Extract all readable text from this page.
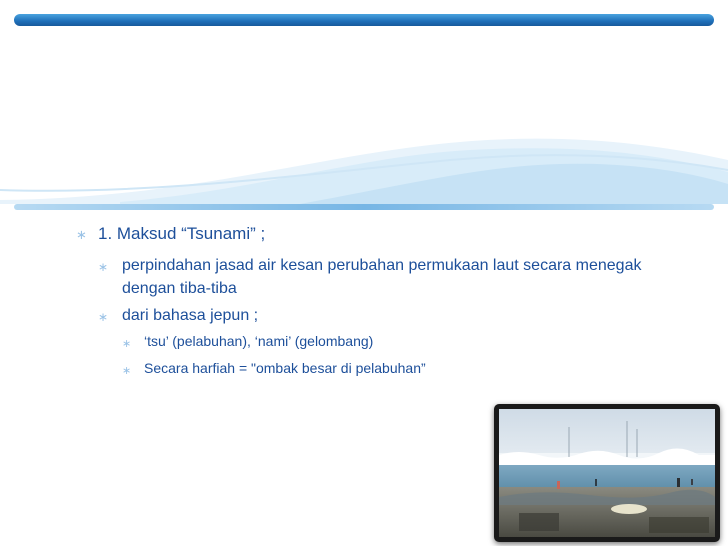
∗ 1. Maksud “Tsunami” ;
∗ perpindahan jasad air kesan perubahan permukaan laut secara menegak dengan tiba-tiba
∗ dari bahasa jepun ;
∗ ‘tsu’ (pelabuhan), ‘nami’ (gelombang)
∗ Secara harfiah = "ombak besar di pelabuhan”
